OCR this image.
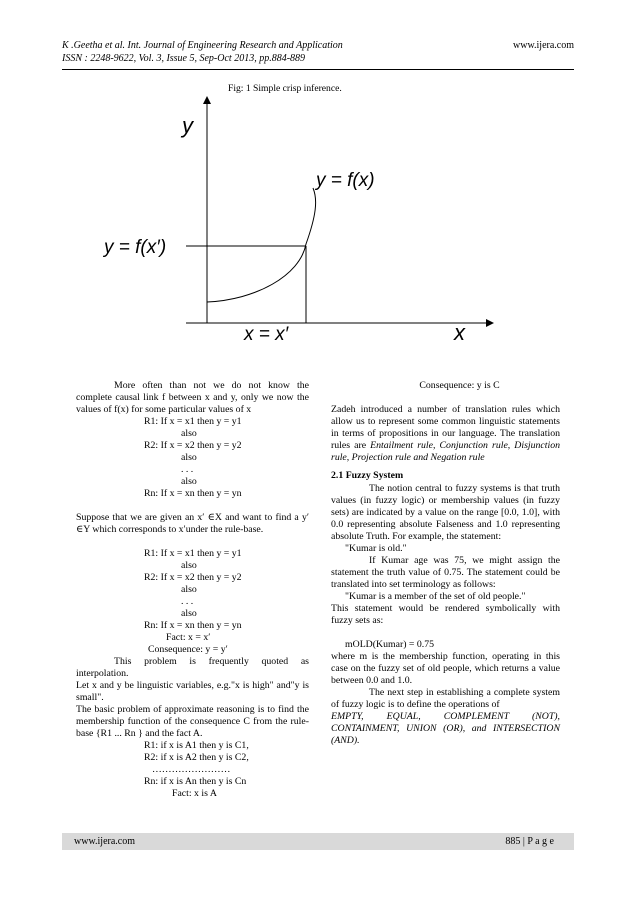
K .Geetha et al. Int. Journal of Engineering Research and Application	www.ijera.com
ISSN : 2248-9622, Vol. 3, Issue 5, Sep-Oct 2013, pp.884-889
Fig: 1 Simple crisp inference.
y
x
y = f(x)
y = f(x′)
x = x′

More often than not we do not know the complete causal link f between x and y, only we now the values of f(x) for some particular values of x

R1: If x = x1 then y = y1
also
R2: If x = x2 then y = y2
also
. . .
also
Rn: If x = xn then y = yn

Suppose that we are given an x′ ∈X and want to find a y′ ∈Y which corresponds to x′under the rule-base.

R1: If x = x1 then y = y1
also
R2: If x = x2 then y = y2
also
. . .
also
Rn: If x = xn then y = yn
Fact: x = x′
Consequence: y = y′

This problem is frequently quoted as interpolation.

Let x and y be linguistic variables, e.g."x is high" and"y is small".

The basic problem of approximate reasoning is to find the membership function of the consequence C from the rule-base {R1 ... Rn } and the fact A.

R1: if x is A1 then y is C1,
R2: if x is A2 then y is C2,
……………………
Rn: if x is An then y is Cn
Fact: x is A

Consequence: y is C

Zadeh introduced a number of translation rules which allow us to represent some common linguistic statements in terms of propositions in our language. The translation rules are Entailment rule, Conjunction rule, Disjunction rule, Projection rule and Negation rule

2.1 Fuzzy System

The notion central to fuzzy systems is that truth values (in fuzzy logic) or membership values (in fuzzy sets) are indicated by a value on the range [0.0, 1.0], with 0.0 representing absolute Falseness and 1.0 representing absolute Truth. For example, the statement:

"Kumar is old."

If Kumar age was 75, we might assign the statement the truth value of 0.75. The statement could be translated into set terminology as follows:

"Kumar is a member of the set of old people."

This statement would be rendered symbolically with fuzzy sets as:

mOLD(Kumar) = 0.75

where m is the membership function, operating in this case on the fuzzy set of old people, which returns a value between 0.0 and 1.0.

The next step in establishing a complete system of fuzzy logic is to define the operations of

EMPTY, EQUAL, COMPLEMENT (NOT), CONTAINMENT, UNION (OR), and INTERSECTION (AND).

www.ijera.com	885 | P a g e
